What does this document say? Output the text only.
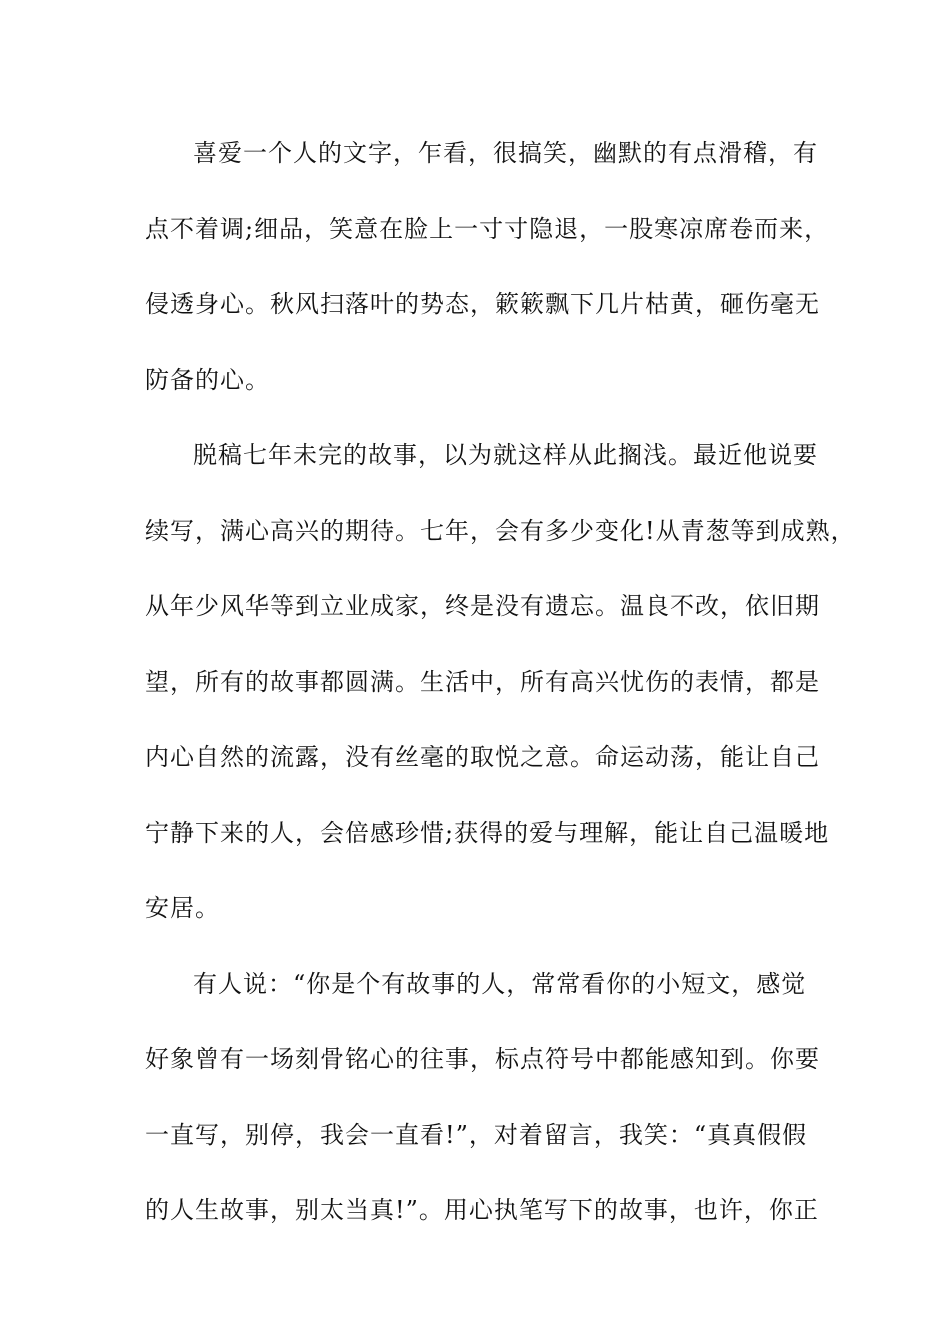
喜爱一个人的文字，乍看，很搞笑，幽默的有点滑稽，有
点不着调;细品，笑意在脸上一寸寸隐退，一股寒凉席卷而来，
侵透身心。秋风扫落叶的势态，簌簌飘下几片枯黄，砸伤毫无
防备的心。
脱稿七年未完的故事，以为就这样从此搁浅。最近他说要
续写，满心高兴的期待。七年，会有多少变化!从青葱等到成熟，
从年少风华等到立业成家，终是没有遗忘。温良不改，依旧期
望，所有的故事都圆满。生活中，所有高兴忧伤的表情，都是
内心自然的流露，没有丝毫的取悦之意。命运动荡，能让自己
宁静下来的人，会倍感珍惜;获得的爱与理解，能让自己温暖地
安居。
有人说：“你是个有故事的人，常常看你的小短文，感觉
好象曾有一场刻骨铭心的往事，标点符号中都能感知到。你要
一直写，别停，我会一直看!”，对着留言，我笑：“真真假假
的人生故事，别太当真!”。用心执笔写下的故事，也许，你正
